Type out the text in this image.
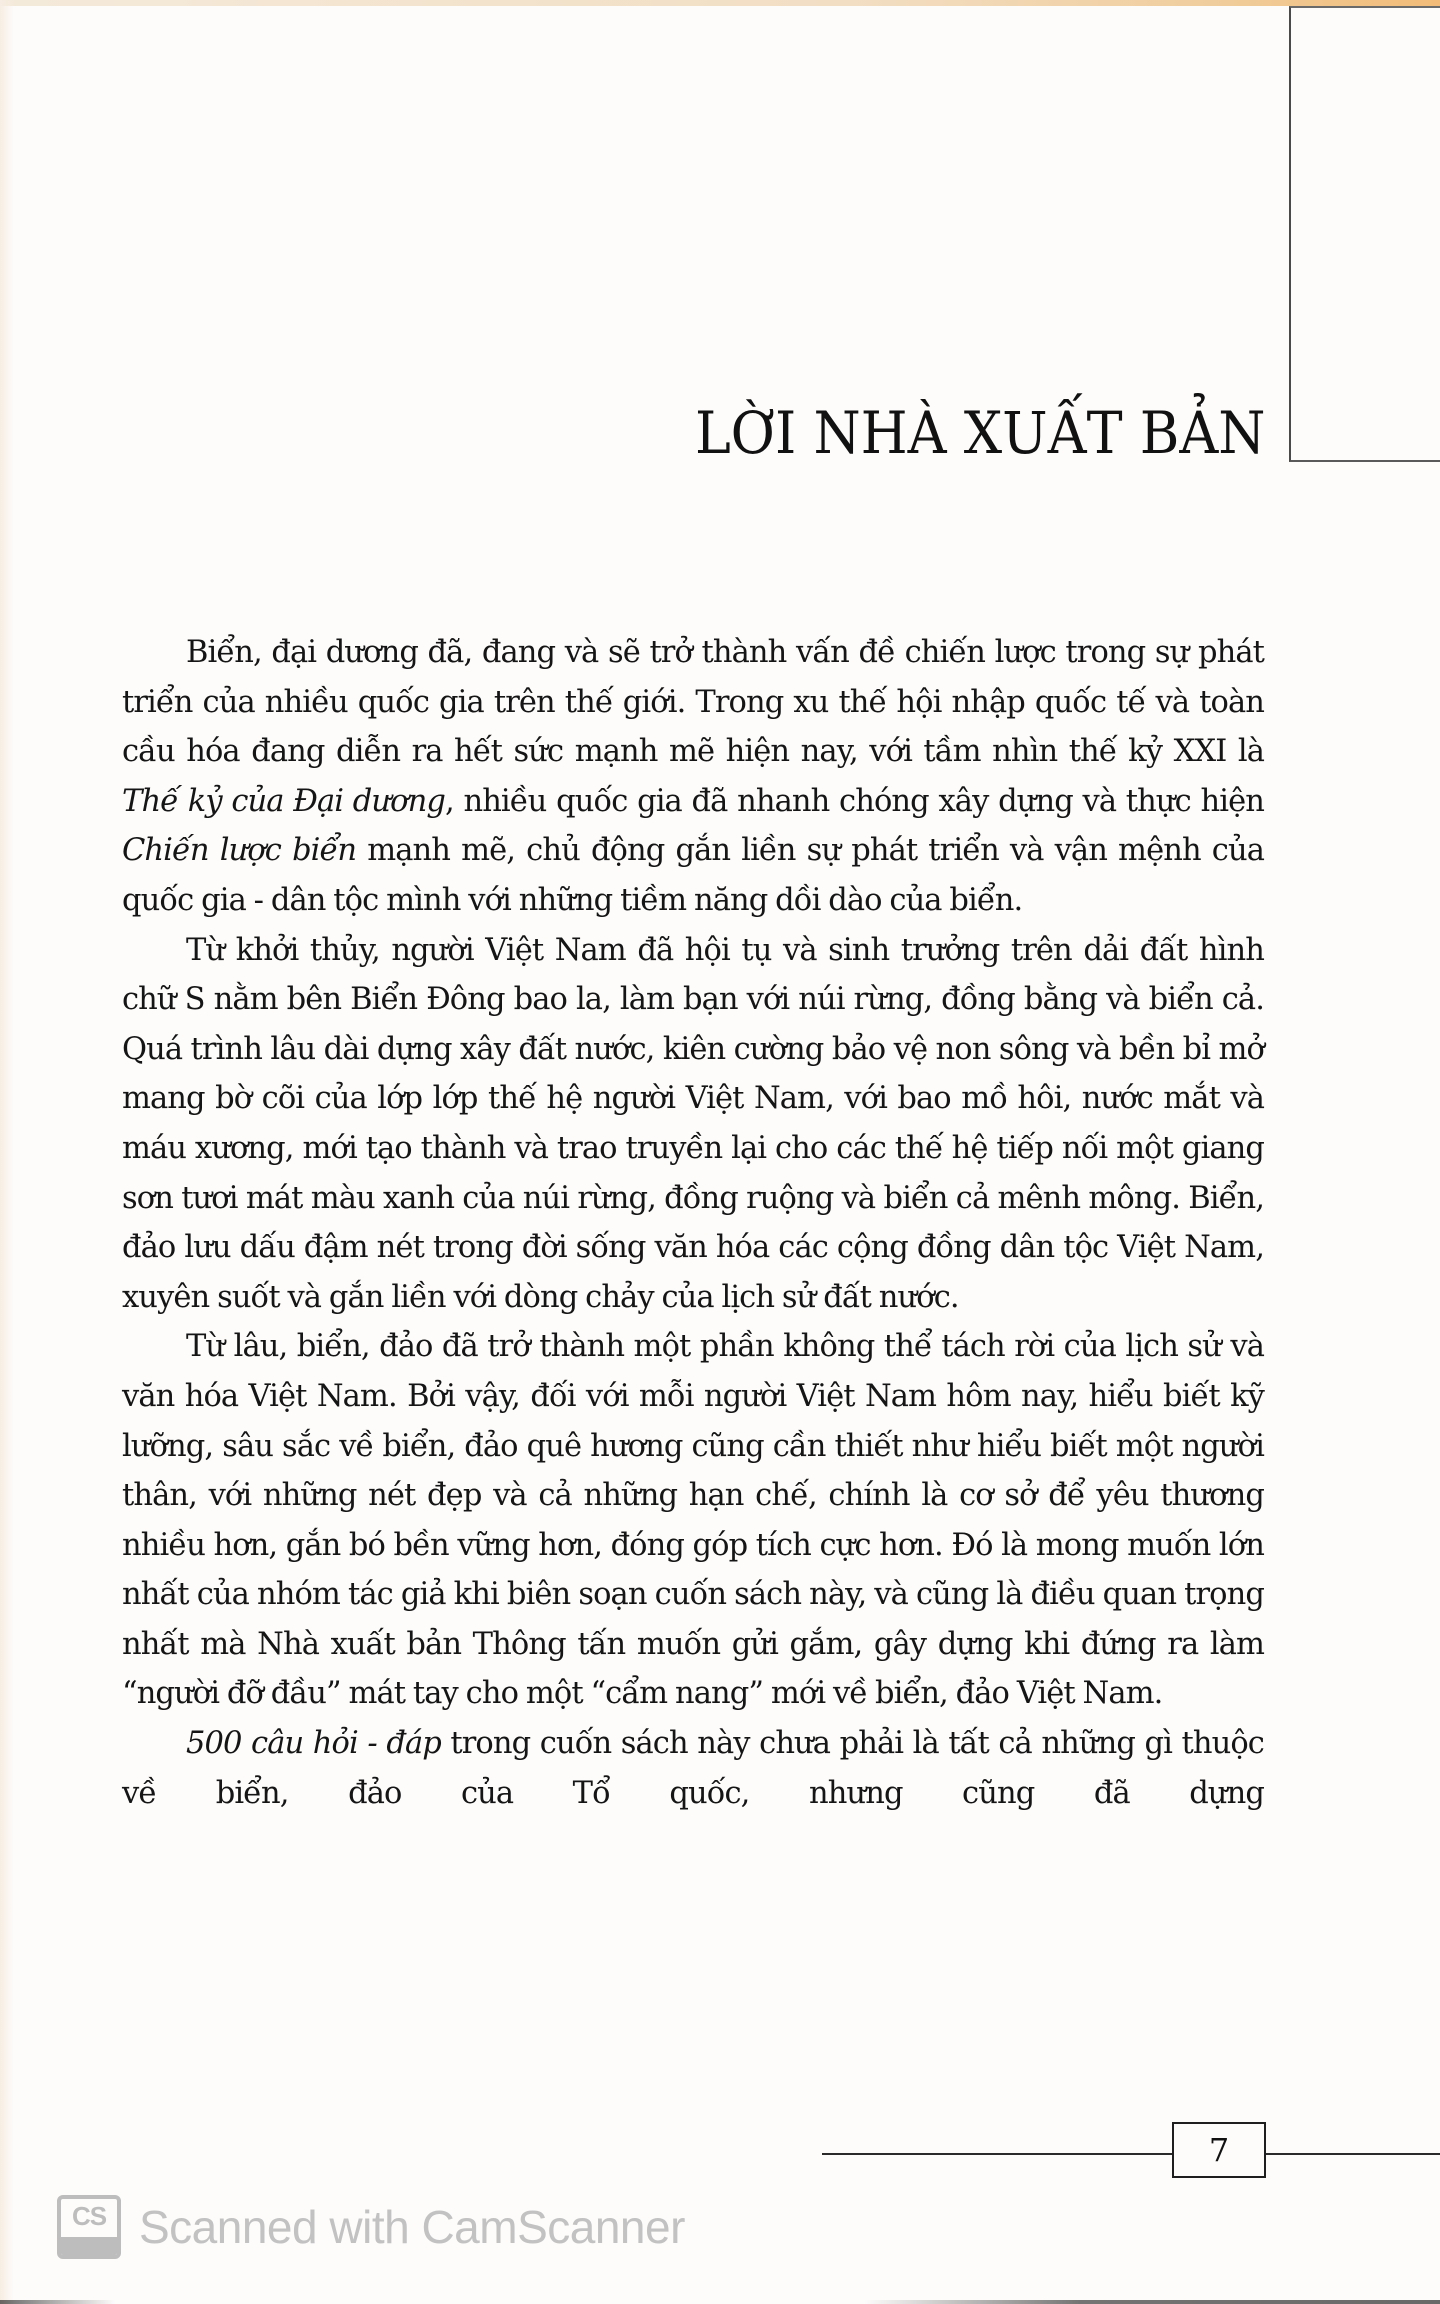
LỜI NHÀ XUẤT BẢN

Biển, đại dương đã, đang và sẽ trở thành vấn đề chiến lược trong sự phát triển của nhiều quốc gia trên thế giới. Trong xu thế hội nhập quốc tế và toàn cầu hóa đang diễn ra hết sức mạnh mẽ hiện nay, với tầm nhìn thế kỷ XXI là Thế kỷ của Đại dương, nhiều quốc gia đã nhanh chóng xây dựng và thực hiện Chiến lược biển mạnh mẽ, chủ động gắn liền sự phát triển và vận mệnh của quốc gia - dân tộc mình với những tiềm năng dồi dào của biển.

Từ khởi thủy, người Việt Nam đã hội tụ và sinh trưởng trên dải đất hình chữ S nằm bên Biển Đông bao la, làm bạn với núi rừng, đồng bằng và biển cả. Quá trình lâu dài dựng xây đất nước, kiên cường bảo vệ non sông và bền bỉ mở mang bờ cõi của lớp lớp thế hệ người Việt Nam, với bao mồ hôi, nước mắt và máu xương, mới tạo thành và trao truyền lại cho các thế hệ tiếp nối một giang sơn tươi mát màu xanh của núi rừng, đồng ruộng và biển cả mênh mông. Biển, đảo lưu dấu đậm nét trong đời sống văn hóa các cộng đồng dân tộc Việt Nam, xuyên suốt và gắn liền với dòng chảy của lịch sử đất nước.

Từ lâu, biển, đảo đã trở thành một phần không thể tách rời của lịch sử và văn hóa Việt Nam. Bởi vậy, đối với mỗi người Việt Nam hôm nay, hiểu biết kỹ lưỡng, sâu sắc về biển, đảo quê hương cũng cần thiết như hiểu biết một người thân, với những nét đẹp và cả những hạn chế, chính là cơ sở để yêu thương nhiều hơn, gắn bó bền vững hơn, đóng góp tích cực hơn. Đó là mong muốn lớn nhất của nhóm tác giả khi biên soạn cuốn sách này, và cũng là điều quan trọng nhất mà Nhà xuất bản Thông tấn muốn gửi gắm, gây dựng khi đứng ra làm “người đỡ đầu” mát tay cho một “cẩm nang” mới về biển, đảo Việt Nam.

500 câu hỏi - đáp trong cuốn sách này chưa phải là tất cả những gì thuộc về biển, đảo của Tổ quốc, nhưng cũng đã dựng

7
CS Scanned with CamScanner
